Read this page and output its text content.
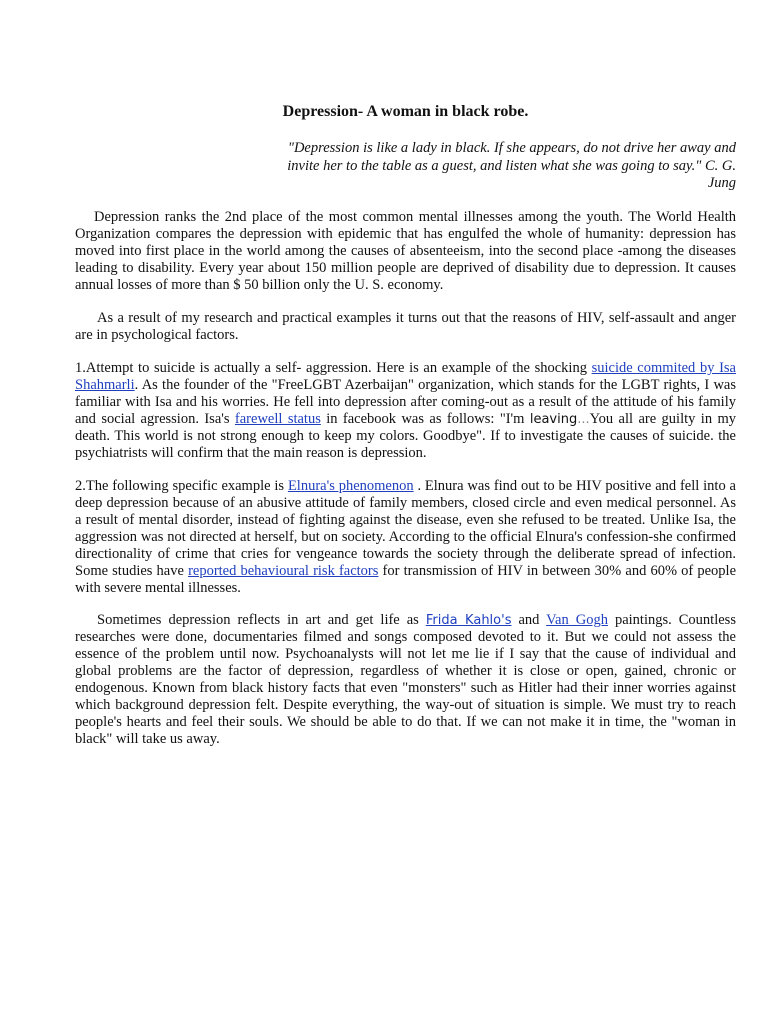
Depression- A woman in black robe.
"Depression is like a lady in black. If she appears, do not drive her away and invite her to the table as a guest, and listen what she was going to say." C. G. Jung

Depression ranks the 2nd place of the most common mental illnesses among the youth. The World Health Organization compares the depression with epidemic that has engulfed the whole of humanity: depression has moved into first place in the world among the causes of absenteeism, into the second place -among the diseases leading to disability. Every year about 150 million people are deprived of disability due to depression. It causes annual losses of more than $ 50 billion only the U. S. economy.

As a result of my research and practical examples it turns out that the reasons of HIV, self-assault and anger are in psychological factors.

1.Attempt to suicide is actually a self- aggression. Here is an example of the shocking suicide commited by Isa Shahmarli. As the founder of the "FreeLGBT Azerbaijan" organization, which stands for the LGBT rights, I was familiar with Isa and his worries. He fell into depression after coming-out as a result of the attitude of his family and social agression. Isa's farewell status in facebook was as follows: "I'm leaving...You all are guilty in my death. This world is not strong enough to keep my colors. Goodbye". If to investigate the causes of suicide. the psychiatrists will confirm that the main reason is depression.

2.The following specific example is Elnura's phenomenon . Elnura was find out to be HIV positive and fell into a deep depression because of an abusive attitude of family members, closed circle and even medical personnel. As a result of mental disorder, instead of fighting against the disease, even she refused to be treated. Unlike Isa, the aggression was not directed at herself, but on society. According to the official Elnura's confession-she confirmed directionality of crime that cries for vengeance towards the society through the deliberate spread of infection. Some studies have reported behavioural risk factors for transmission of HIV in between 30% and 60% of people with severe mental illnesses.

Sometimes depression reflects in art and get life as Frida Kahlo's and Van Gogh paintings. Countless researches were done, documentaries filmed and songs composed devoted to it. But we could not assess the essence of the problem until now. Psychoanalysts will not let me lie if I say that the cause of individual and global problems are the factor of depression, regardless of whether it is close or open, gained, chronic or endogenous. Known from black history facts that even "monsters" such as Hitler had their inner worries against which background depression felt. Despite everything, the way-out of situation is simple. We must try to reach people's hearts and feel their souls. We should be able to do that. If we can not make it in time, the "woman in black" will take us away.
